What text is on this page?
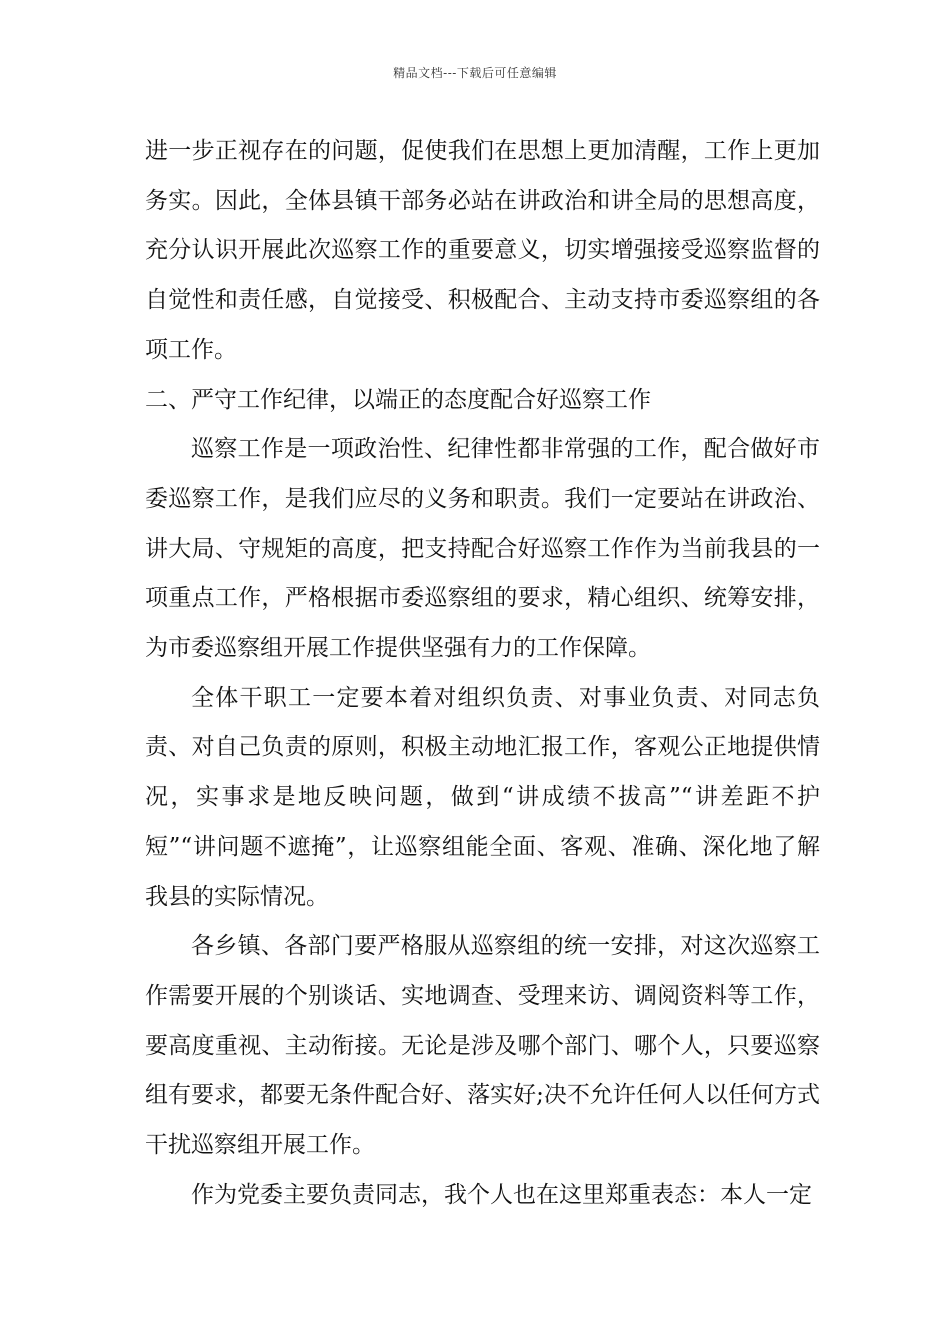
精品文档---下载后可任意编辑

进一步正视存在的问题，促使我们在思想上更加清醒，工作上更加务实。因此，全体县镇干部务必站在讲政治和讲全局的思想高度，充分认识开展此次巡察工作的重要意义，切实增强接受巡察监督的自觉性和责任感，自觉接受、积极配合、主动支持市委巡察组的各项工作。

二、严守工作纪律，以端正的态度配合好巡察工作

巡察工作是一项政治性、纪律性都非常强的工作，配合做好市委巡察工作，是我们应尽的义务和职责。我们一定要站在讲政治、讲大局、守规矩的高度，把支持配合好巡察工作作为当前我县的一项重点工作，严格根据市委巡察组的要求，精心组织、统筹安排，为市委巡察组开展工作提供坚强有力的工作保障。

全体干职工一定要本着对组织负责、对事业负责、对同志负责、对自己负责的原则，积极主动地汇报工作，客观公正地提供情况，实事求是地反映问题，做到“讲成绩不拔高”“讲差距不护短”“讲问题不遮掩”，让巡察组能全面、客观、准确、深化地了解我县的实际情况。

各乡镇、各部门要严格服从巡察组的统一安排，对这次巡察工作需要开展的个别谈话、实地调查、受理来访、调阅资料等工作，要高度重视、主动衔接。无论是涉及哪个部门、哪个人，只要巡察组有要求，都要无条件配合好、落实好;决不允许任何人以任何方式干扰巡察组开展工作。

作为党委主要负责同志，我个人也在这里郑重表态：本人一定
